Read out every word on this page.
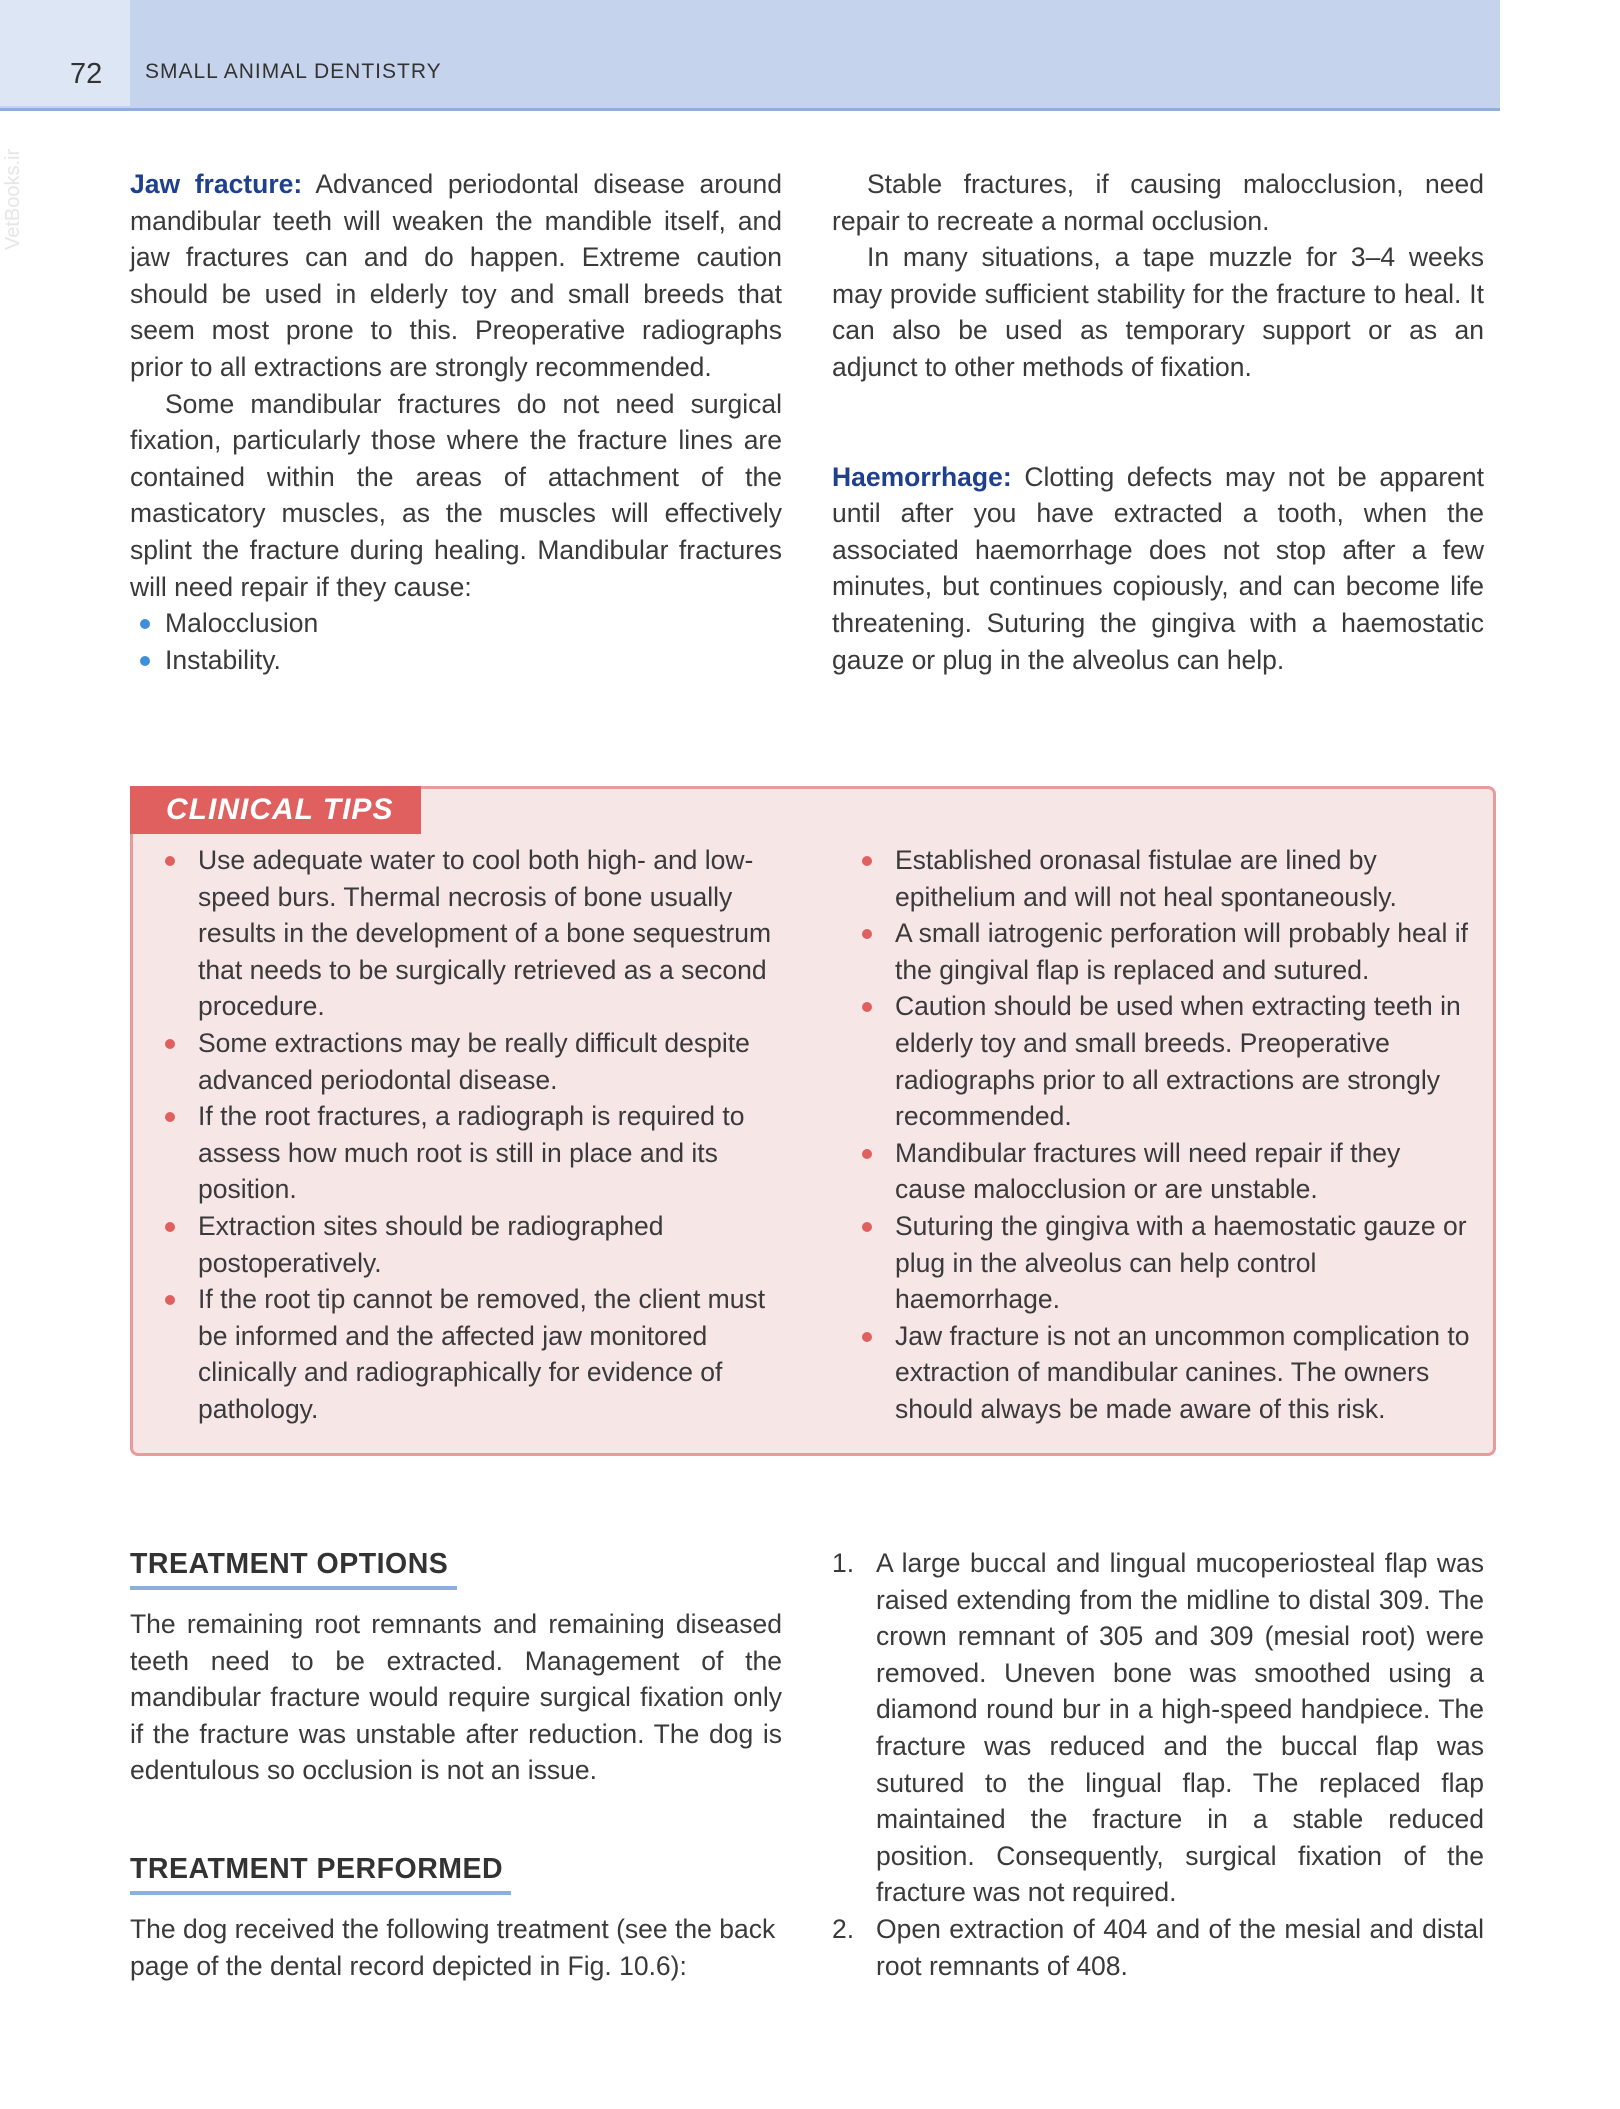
72 SMALL ANIMAL DENTISTRY
VetBooks.ir	Jaw fracture: Advanced periodontal disease around mandibular teeth will weaken the mandible itself, and jaw fractures can and do happen. Extreme caution should be used in elderly toy and small breeds that seem most prone to this. Preoperative radiographs prior to all extractions are strongly recommended.

Some mandibular fractures do not need surgical fixation, particularly those where the fracture lines are contained within the areas of attachment of the masticatory muscles, as the muscles will effectively splint the fracture during healing. Mandibular fractures will need repair if they cause:

Malocclusion
Instability.

Stable fractures, if causing malocclusion, need repair to recreate a normal occlusion.

In many situations, a tape muzzle for 3–4 weeks may provide sufficient stability for the fracture to heal. It can also be used as temporary support or as an adjunct to other methods of fixation.

Haemorrhage: Clotting defects may not be apparent until after you have extracted a tooth, when the associated haemorrhage does not stop after a few minutes, but continues copiously, and can become life threatening. Suturing the gingiva with a haemostatic gauze or plug in the alveolus can help.

CLINICAL TIPS
Use adequate water to cool both high- and low-speed burs. Thermal necrosis of bone usually results in the development of a bone sequestrum that needs to be surgically retrieved as a second procedure.
Some extractions may be really difficult despite advanced periodontal disease.
If the root fractures, a radiograph is required to assess how much root is still in place and its position.
Extraction sites should be radiographed postoperatively.
If the root tip cannot be removed, the client must be informed and the affected jaw monitored clinically and radiographically for evidence of pathology.
Established oronasal fistulae are lined by epithelium and will not heal spontaneously.
A small iatrogenic perforation will probably heal if the gingival flap is replaced and sutured.
Caution should be used when extracting teeth in elderly toy and small breeds. Preoperative radiographs prior to all extractions are strongly recommended.
Mandibular fractures will need repair if they cause malocclusion or are unstable.
Suturing the gingiva with a haemostatic gauze or plug in the alveolus can help control haemorrhage.
Jaw fracture is not an uncommon complication to extraction of mandibular canines. The owners should always be made aware of this risk.
TREATMENT OPTIONS

The remaining root remnants and remaining diseased teeth need to be extracted. Management of the mandibular fracture would require surgical fixation only if the fracture was unstable after reduction. The dog is edentulous so occlusion is not an issue.

TREATMENT PERFORMED

The dog received the following treatment (see the back page of the dental record depicted in Fig. 10.6):

1. A large buccal and lingual mucoperiosteal flap was raised extending from the midline to distal 309. The crown remnant of 305 and 309 (mesial root) were removed. Uneven bone was smoothed using a diamond round bur in a high-speed handpiece. The fracture was reduced and the buccal flap was sutured to the lingual flap. The replaced flap maintained the fracture in a stable reduced position. Consequently, surgical fixation of the fracture was not required.
2. Open extraction of 404 and of the mesial and distal root remnants of 408.
